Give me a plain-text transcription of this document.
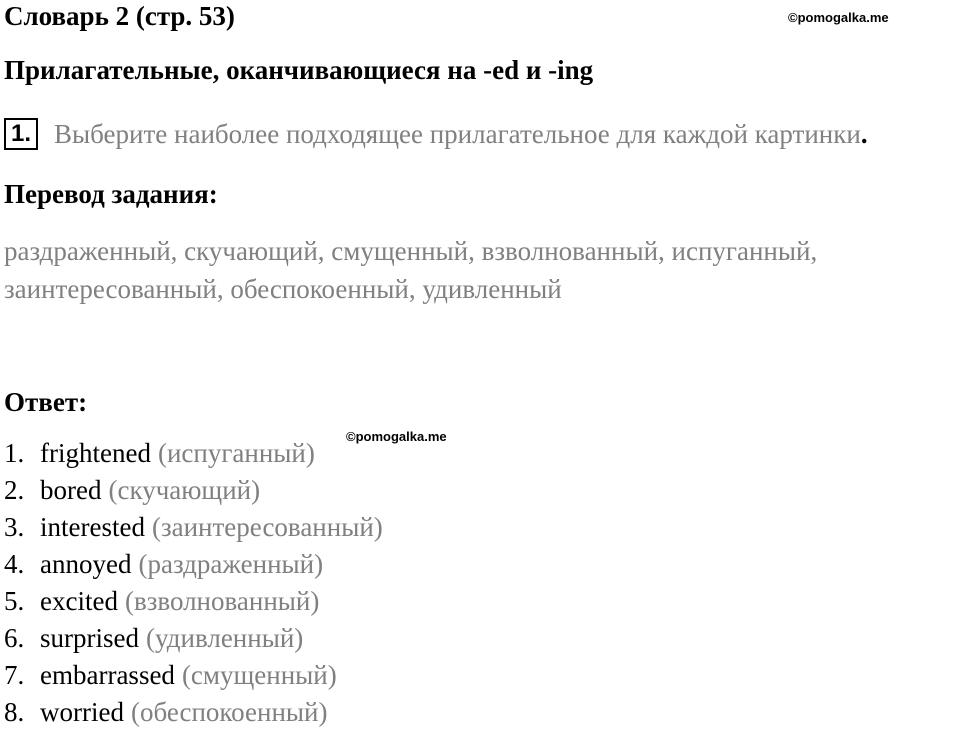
Словарь 2 (стр. 53)	©pomogalka.me
Прилагательные, оканчивающиеся на -ed и -ing
1. Выберите наиболее подходящее прилагательное для каждой картинки .
Перевод задания:
раздраженный, скучающий, смущенный, взволнованный, испуганный, заинтересованный, обеспокоенный, удивленный
Ответ:
©pomogalka.me
1. frightened (испуганный)
2. bored (скучающий)
3. interested (заинтересованный)
4. annoyed (раздраженный)
5. excited (взволнованный)
6. surprised (удивленный)
7. embarrassed (смущенный)
8. worried (обеспокоенный)
